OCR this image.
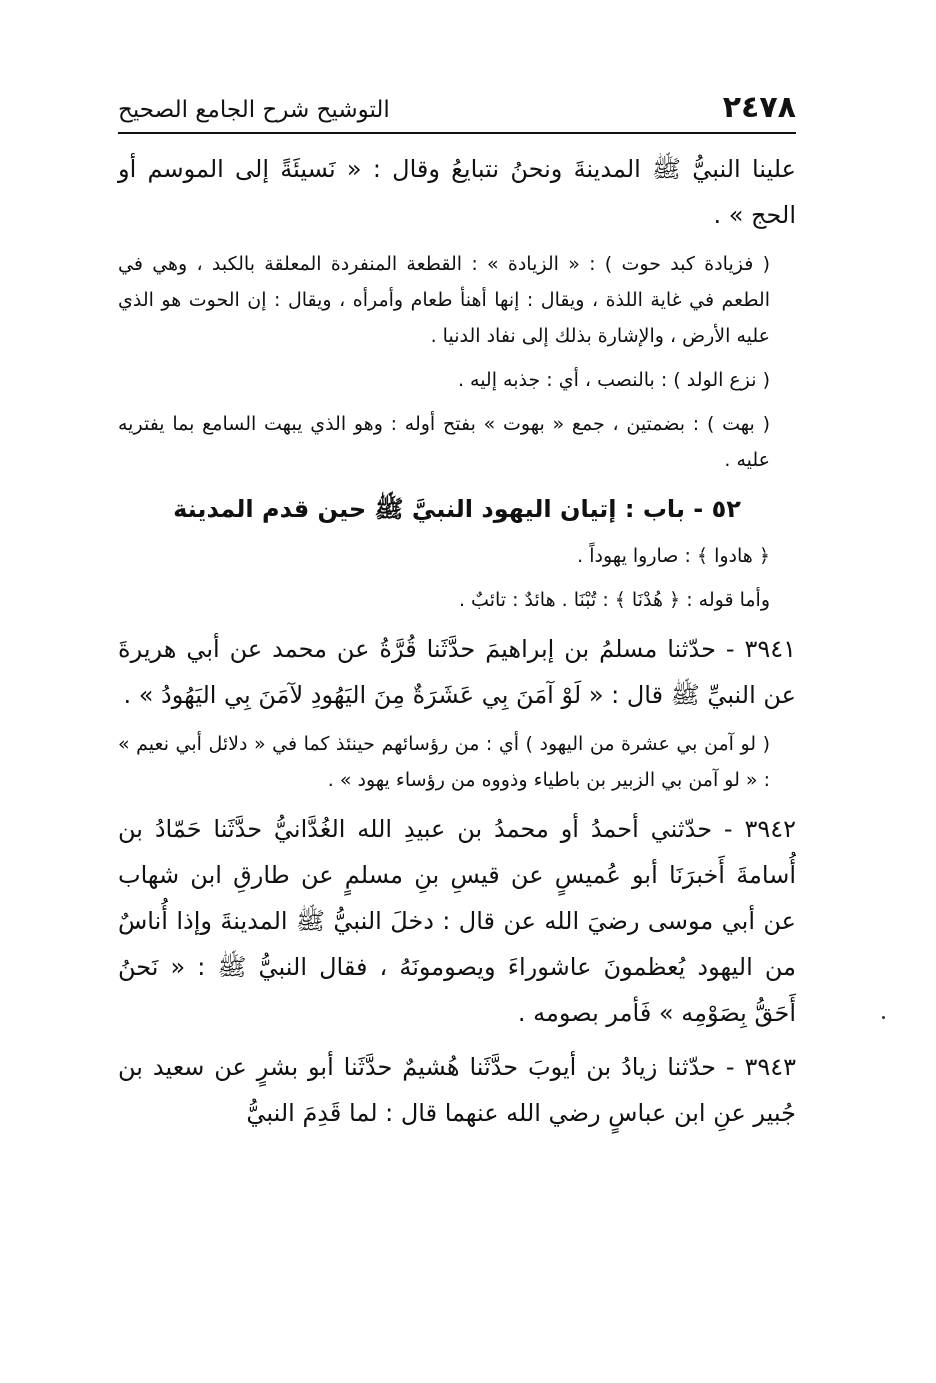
٢٤٧٨
التوشيح شرح الجامع الصحيح

علينا النبيُّ ﷺ المدينةَ ونحنُ نتبايعُ وقال : « نَسيئَةً إلى الموسم أو الحج » .

( فزيادة كبد حوت ) : « الزيادة » : القطعة المنفردة المعلقة بالكبد ، وهي في الطعم في غاية اللذة ، ويقال : إنها أهنأ طعام وأمرأه ، ويقال : إن الحوت هو الذي عليه الأرض ، والإشارة بذلك إلى نفاد الدنيا .

( نزع الولد ) : بالنصب ، أي : جذبه إليه .

( بهت ) : بضمتين ، جمع « بهوت » بفتح أوله : وهو الذي يبهت السامع بما يفتريه عليه .

٥٢ - باب : إتيان اليهود النبيَّ ﷺ حين قدم المدينة

﴿ هادوا ﴾ : صاروا يهوداً .

وأما قوله : ﴿ هُدْنَا ﴾ : تُبْنَا . هائدٌ : تائبٌ .

٣٩٤١ - حدّثنا مسلمُ بن إبراهيمَ حدَّثَنا قُرَّةُ عن محمد عن أبي هريرةَ عن النبيِّ ﷺ قال : « لَوْ آمَنَ بِي عَشَرَةٌ مِنَ اليَهُودِ لآمَنَ بِي اليَهُودُ » .

( لو آمن بي عشرة من اليهود ) أي : من رؤسائهم حينئذ كما في « دلائل أبي نعيم » : « لو آمن بي الزبير بن باطياء وذووه من رؤساء يهود » .

٣٩٤٢ - حدّثني أحمدُ أو محمدُ بن عبيدِ الله الغُدَّانيُّ حدَّثَنا حَمّادُ بن أُسامةَ أَخبرَنَا أبو عُميسٍ عن قيسِ بنِ مسلمٍ عن طارقِ ابن شهاب عن أبي موسى رضيَ الله عن قال : دخلَ النبيُّ ﷺ المدينةَ وإذا أُناسٌ من اليهود يُعظمونَ عاشوراءَ ويصومونَهُ ، فقال النبيُّ ﷺ : « نَحنُ أَحَقُّ بِصَوْمِه » فَأمر بصومه .

٣٩٤٣ - حدّثنا زيادُ بن أيوبَ حدَّثَنا هُشيمٌ حدَّثَنا أبو بشرٍ عن سعيد بن جُبير عنِ ابن عباسٍ رضي الله عنهما قال : لما قَدِمَ النبيُّ
